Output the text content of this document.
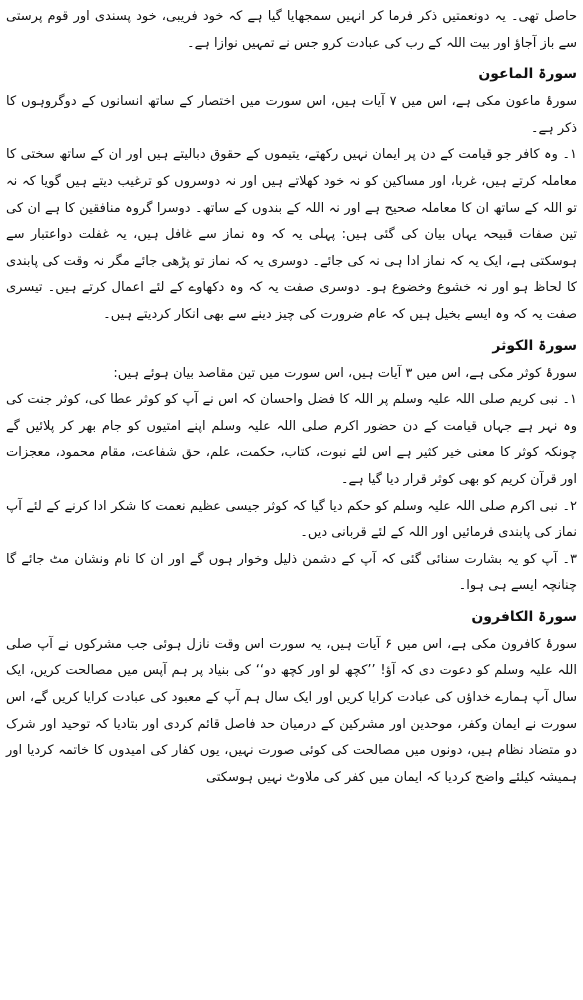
حاصل تھی۔ یہ دونعمتیں ذکر فرما کر انہیں سمجھایا گیا ہے کہ خود فریبی، خود پسندی اور قوم پرستی سے باز آجاؤ اور بیت اللہ کے رب کی عبادت کرو جس نے تمہیں نوازا ہے۔

سورۃ الماعون

سورۂ ماعون مکی ہے، اس میں ۷ آیات ہیں، اس سورت میں اختصار کے ساتھ انسانوں کے دوگروہوں کا ذکر ہے۔

۱۔ وہ کافر جو قیامت کے دن پر ایمان نہیں رکھتے، یتیموں کے حقوق دبالیتے ہیں اور ان کے ساتھ سختی کا معاملہ کرتے ہیں، غربا، اور مساکین کو نہ خود کھلاتے ہیں اور نہ دوسروں کو ترغیب دیتے ہیں گویا کہ نہ تو اللہ کے ساتھ ان کا معاملہ صحیح ہے اور نہ اللہ کے بندوں کے ساتھ۔ دوسرا گروہ منافقین کا ہے ان کی تین صفات قبیحہ یہاں بیان کی گئی ہیں: پہلی یہ کہ وہ نماز سے غافل ہیں، یہ غفلت دواعتبار سے ہوسکتی ہے، ایک یہ کہ نماز ادا ہی نہ کی جائے۔ دوسری یہ کہ نماز تو پڑھی جائے مگر نہ وقت کی پابندی کا لحاظ ہو اور نہ خشوع وخضوع ہو۔ دوسری صفت یہ کہ وہ دکھاوے کے لئے اعمال کرتے ہیں۔ تیسری صفت یہ کہ وہ ایسے بخیل ہیں کہ عام ضرورت کی چیز دینے سے بھی انکار کردیتے ہیں۔

سورۃ الکوثر

سورۂ کوثر مکی ہے، اس میں ۳ آیات ہیں، اس سورت میں تین مقاصد بیان ہوئے ہیں:

۱۔ نبی کریم صلی اللہ علیہ وسلم پر اللہ کا فضل واحسان کہ اس نے آپ کو کوثر عطا کی، کوثر جنت کی وہ نہر ہے جہاں قیامت کے دن حضور اکرم صلی اللہ علیہ وسلم اپنے امتیوں کو جام بھر کر پلائیں گے چونکہ کوثر کا معنی خیر کثیر ہے اس لئے نبوت، کتاب، حکمت، علم، حق شفاعت، مقام محمود، معجزات اور قرآن کریم کو بھی کوثر قرار دیا گیا ہے۔

۲۔ نبی اکرم صلی اللہ علیہ وسلم کو حکم دیا گیا کہ کوثر جیسی عظیم نعمت کا شکر ادا کرنے کے لئے آپ نماز کی پابندی فرمائیں اور اللہ کے لئے قربانی دیں۔

۳۔ آپ کو یہ بشارت سنائی گئی کہ آپ کے دشمن ذلیل وخوار ہوں گے اور ان کا نام ونشان مٹ جائے گا چنانچہ ایسے ہی ہوا۔

سورۃ الکافرون

سورۂ کافرون مکی ہے، اس میں ۶ آیات ہیں، یہ سورت اس وقت نازل ہوئی جب مشرکوں نے آپ صلی اللہ علیہ وسلم کو دعوت دی کہ آؤ! ’’کچھ لو اور کچھ دو‘‘ کی بنیاد پر ہم آپس میں مصالحت کریں، ایک سال آپ ہمارے خداؤں کی عبادت کرایا کریں اور ایک سال ہم آپ کے معبود کی عبادت کرایا کریں گے، اس سورت نے ایمان وکفر، موحدین اور مشرکین کے درمیان حد فاصل قائم کردی اور بتادیا کہ توحید اور شرک دو متضاد نظام ہیں، دونوں میں مصالحت کی کوئی صورت نہیں، یوں کفار کی امیدوں کا خاتمہ کردیا اور ہمیشہ کیلئے واضح کردیا کہ ایمان میں کفر کی ملاوٹ نہیں ہوسکتی
